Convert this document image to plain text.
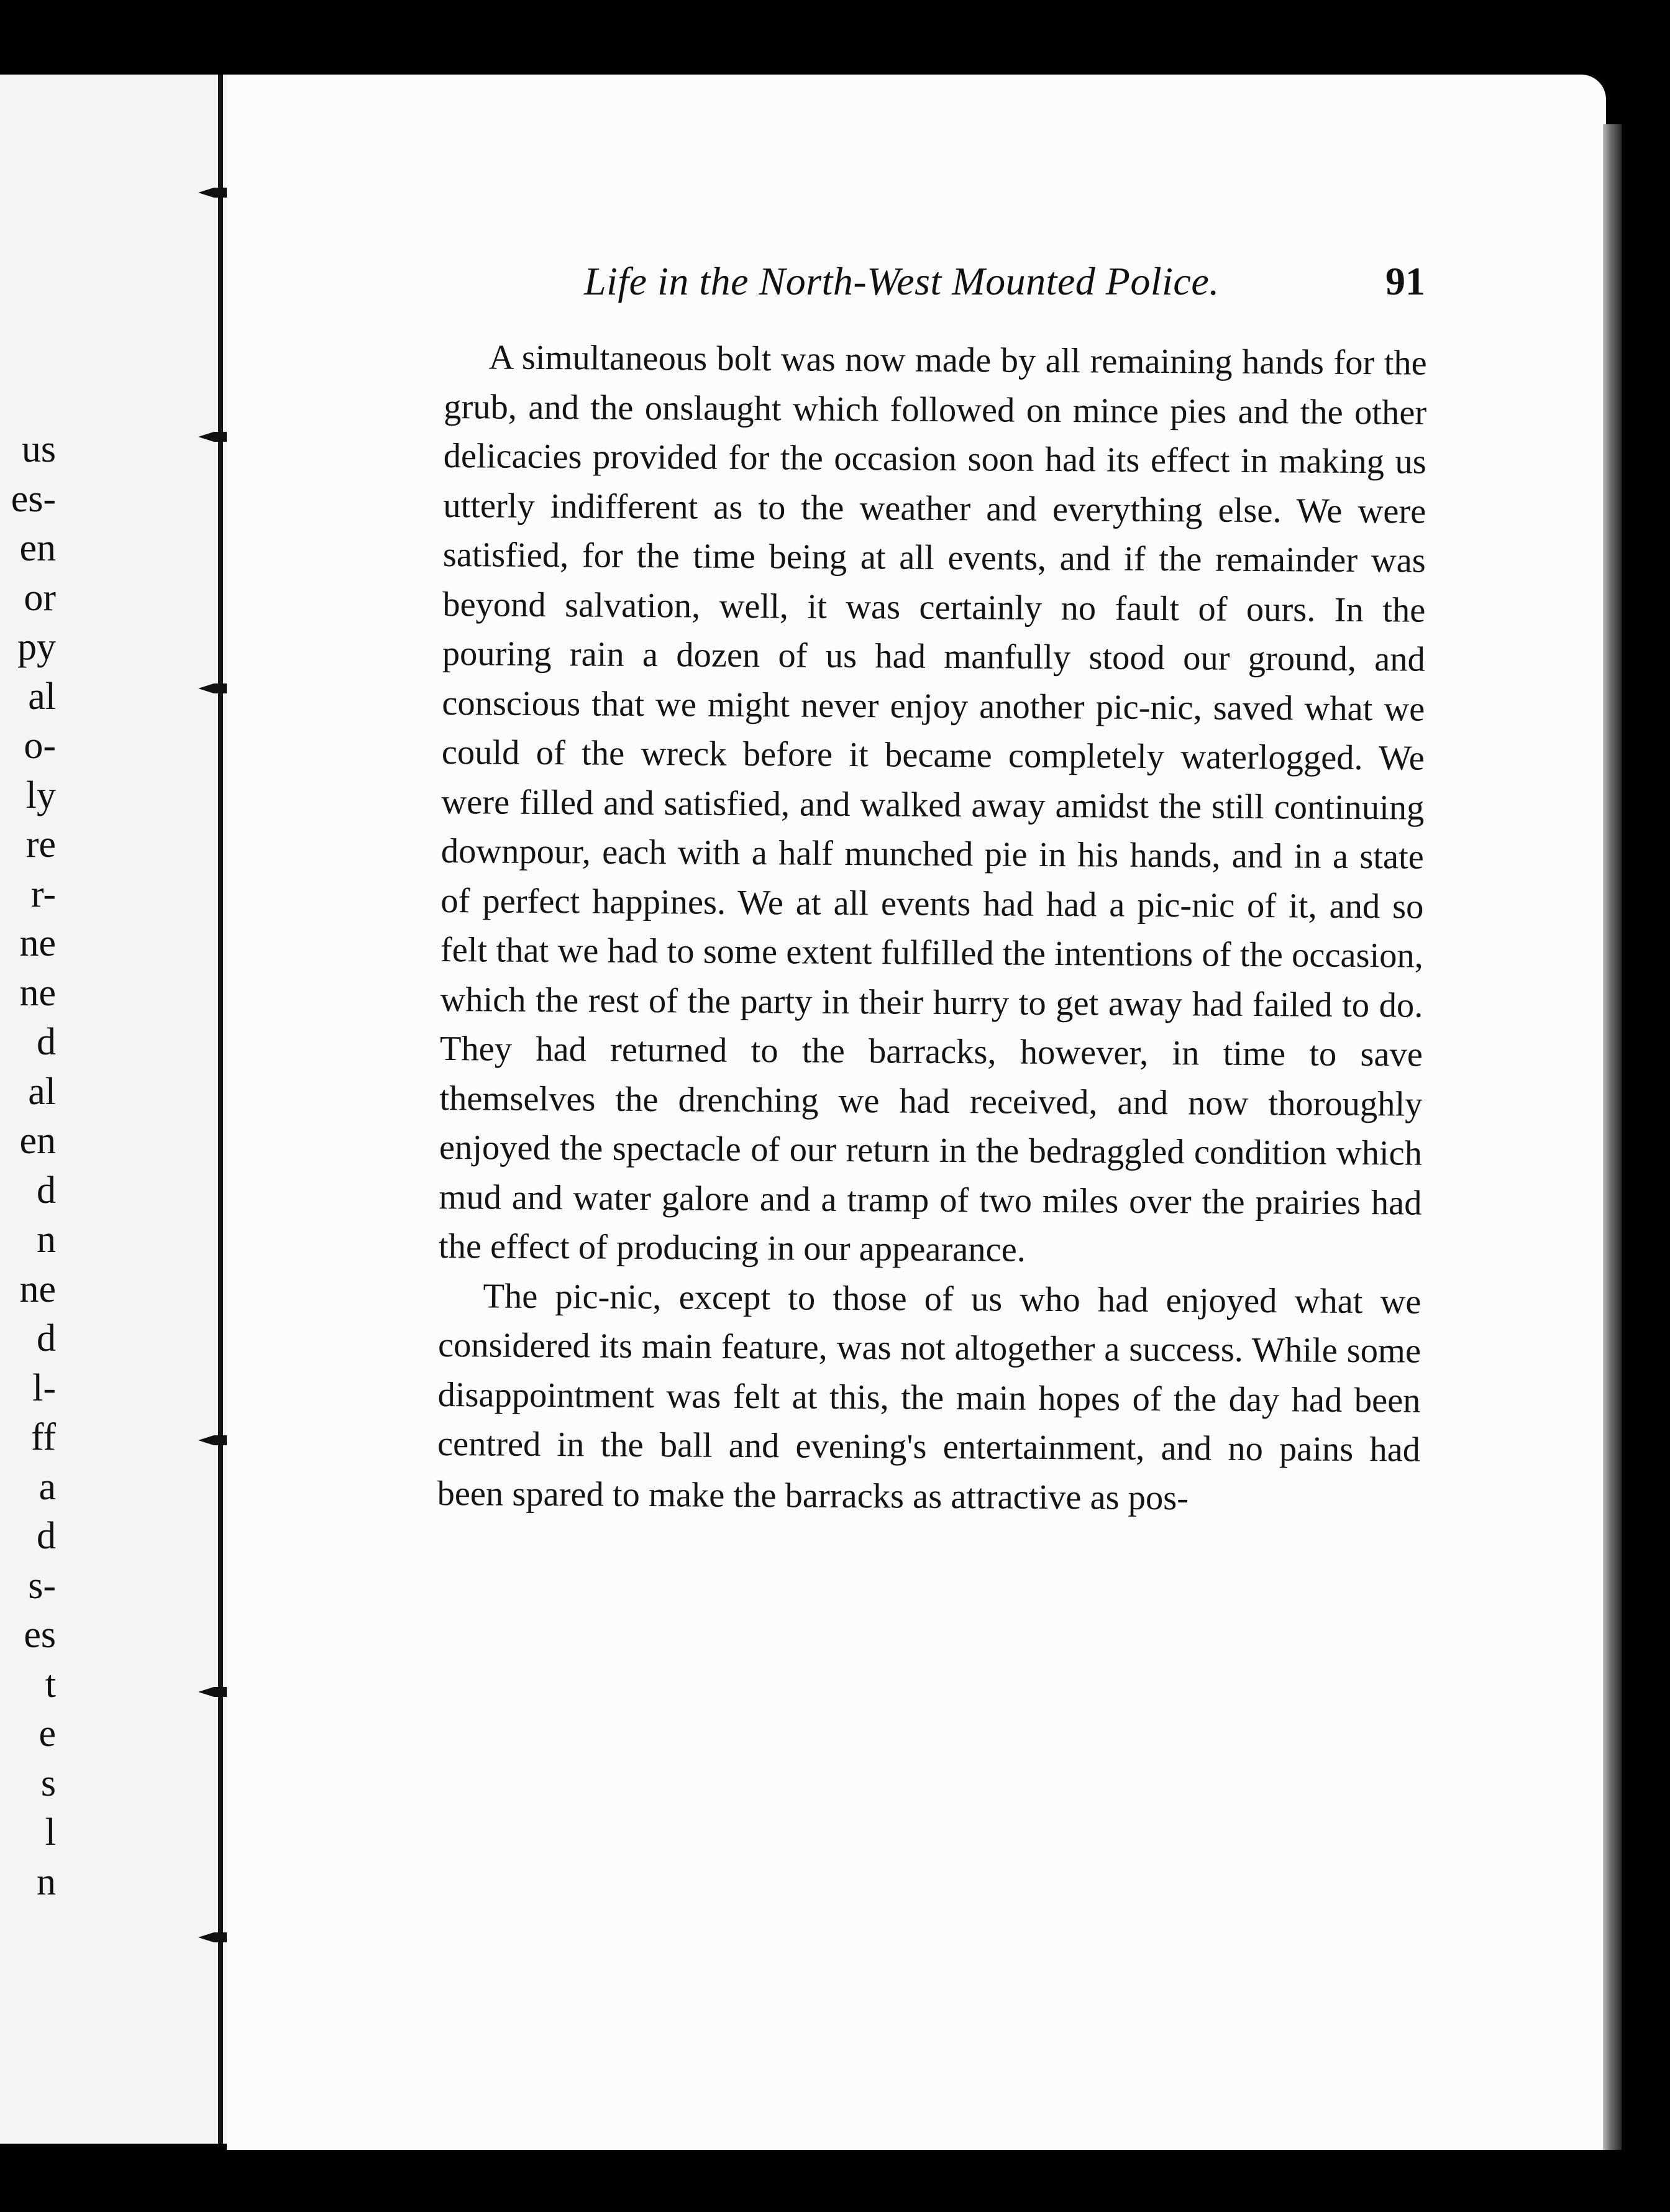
us
es-
en
or
py
al
o-
ly
re
r-
ne
ne
d
al
en
d
n
ne
d
l-
ff
a
d
s-
es
t
e
s
l
n
Life in the North-West Mounted Police.	91

A simultaneous bolt was now made by all remaining hands for the grub, and the onslaught which followed on mince pies and the other delicacies provided for the occasion soon had its effect in making us utterly indifferent as to the weather and everything else. We were satisfied, for the time being at all events, and if the remainder was beyond salvation, well, it was certainly no fault of ours. In the pouring rain a dozen of us had manfully stood our ground, and conscious that we might never enjoy another pic-nic, saved what we could of the wreck before it became completely waterlogged. We were filled and satisfied, and walked away amidst the still continuing downpour, each with a half munched pie in his hands, and in a state of perfect happines. We at all events had had a pic-nic of it, and so felt that we had to some extent fulfilled the intentions of the occasion, which the rest of the party in their hurry to get away had failed to do. They had returned to the barracks, however, in time to save themselves the drenching we had received, and now thoroughly enjoyed the spectacle of our return in the bedraggled condition which mud and water galore and a tramp of two miles over the prairies had the effect of producing in our appearance.

The pic-nic, except to those of us who had enjoyed what we considered its main feature, was not altogether a success. While some disappointment was felt at this, the main hopes of the day had been centred in the ball and evening's entertainment, and no pains had been spared to make the barracks as attractive as pos-
